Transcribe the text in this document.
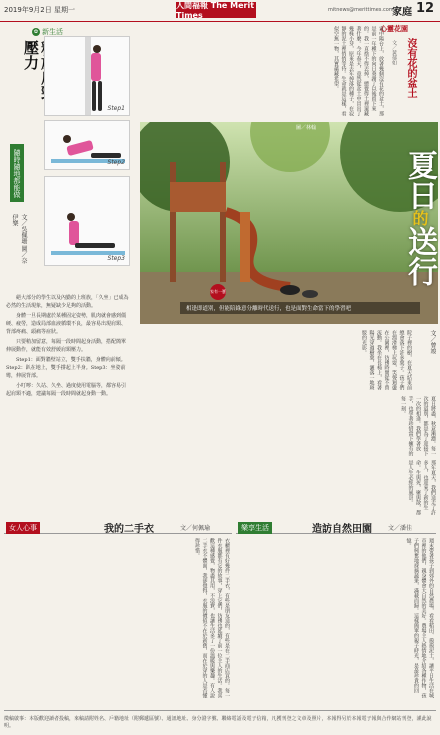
2019年9月2日 星期一	人間福報 The Merit Times
mitnews@merittimes.com.tw
家庭 12
✿ 新生活
壓力
隨時隨地都能做
文／吳佩珊 圖／奈伊樂
Step1
Step2
Step3

絕大部分的學生以及內勤的上班族，「久坐」已成為必然的生活現象，無疑缺少足夠的活動。

身體一旦長期處於某種固定姿勢，肌肉就會感到僵硬、疲勞，造成局部血液循環不良，最容易出現肩頸、背部疼痛、頭痛等症狀。

只要稍加留意，每隔一段時間起身活動，搭配簡單伸展動作，就能有效舒緩肩頸壓力。

Step1：面對牆壁站立，雙手扶牆，身體向前傾。Step2：趴在地上，雙手撐起上半身。Step3：坐姿前彎，伸展背部。

小叮嚀：久站、久坐、過度使用電腦等，都容易引起肩頸不適，建議每隔一段時間就起身動一動。

心靈花園
沒有花的盆土
文／黃郁如
家中陽台上，放著幾個沒有花的盆土，那是前一年種下的向日葵謝了以後留下來的。我一直捨不得丟掉，總覺得土裡還藏著什麼。今年春天，竟然從盆土中冒出了幾株小芽，原來是去年掉落的種子，在寂靜的泥土裡悄悄等待。生命就是這樣，看似空無一物，其實蘊藏希望。
圖／林翰
相逢即道別，但能陪綠意分離時代送行，也是面對生命當下的學習吧
夏日的送行
家有一寶
文／曾竣
院子裡的樹，在夏天結束前總會落下許多葉子。孩子們在溜滑梯上玩耍，笑聲迴盪在公園裡，彷彿時間從不曾流動。我坐在長椅上，看著陽光穿過樹葉，灑落一地斑駁的光影。
夏日將盡，秋意漸濃。每一次的道別，都是為了迎接下一次的相逢。我們學著放手，也學著珍惜當下擁有的每一刻。
那年夏天，我們送走了許多人，也迎來了新的生命。生與死，聚與散，都是人生必經的風景。
女人心事	我的二手衣	文／何佩瑜
衣櫃裡有好幾件二手衣，有些是朋友送的，有些是在二手商店買的。每一件衣服都有它的故事，穿上它們，彷彿也延續了前一位主人的生活。我喜歡這種感覺，物盡其用，不浪費，也讓生活多了一份溫暖與樂趣。有人說二手衣不體面，我卻覺得，衣服的價值不在於新舊，而在於穿的人是否懂得珍惜。
樂享生活	造訪自然田園	文／潘佳
週末帶著孩子到郊外的自然農場，看看稻田、摸摸泥土，讓平日生活在城市裡的他們，親身體會大自然的美好。農場主人熱情地介紹各種作物，孩子們興奮地採摘蔬果，滿載而歸。這樣簡單的親子時光，是最珍貴的回憶。
徵稿啟事：本版歡迎讀者投稿，來稿請附姓名、戶籍地址（附郵遞區號）、通訊地址、身分證字號、聯絡電話及電子信箱，凡獲刊登之文章及照片，本報得另於本報電子報與合作網站刊登，謹此說明。
